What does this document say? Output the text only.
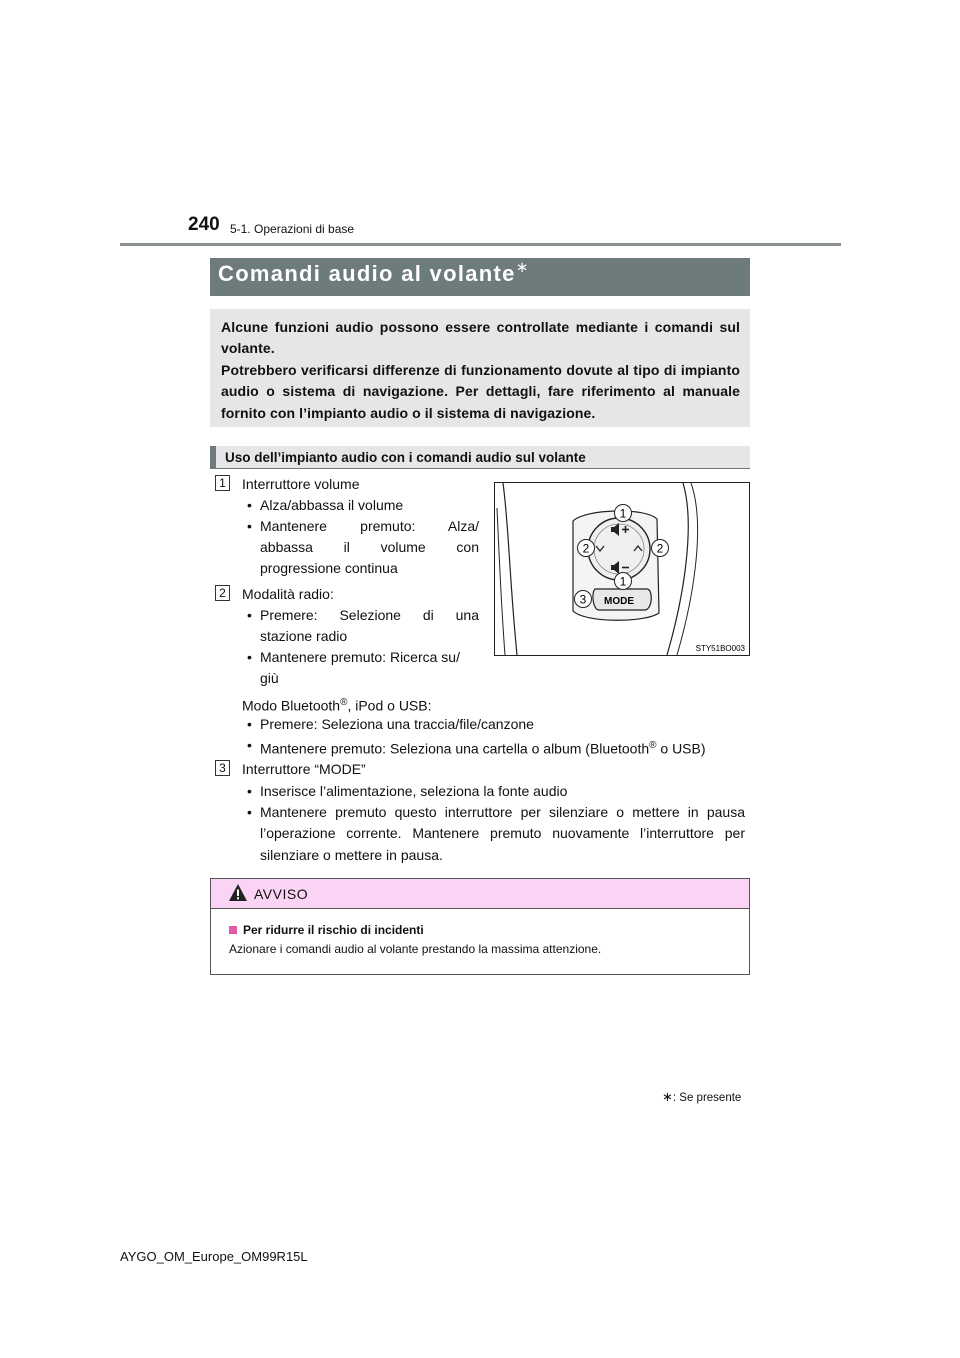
240 5-1. Operazioni di base
Comandi audio al volante∗

Alcune funzioni audio possono essere controllate mediante i comandi sul volante.

Potrebbero verificarsi differenze di funzionamento dovute al tipo di impianto audio o sistema di navigazione. Per dettagli, fare riferimento al manuale fornito con l’impianto audio o il sistema di navigazione.

Uso dell’impianto audio con i comandi audio sul volante
1 Interruttore volume
• Alza/abbassa il volume
• Mantenere premuto: Alza/
abbassa il volume con
progressione continua
2 Modalità radio:
• Premere: Selezione di una
stazione radio
• Mantenere premuto: Ricerca su/
giù
Modo Bluetooth®, iPod o USB:
• Premere: Seleziona una traccia/file/canzone
• Mantenere premuto: Seleziona una cartella o album (Bluetooth® o USB)
3 Interruttore “MODE”
• Inserisce l’alimentazione, seleziona la fonte audio
• Mantenere premuto questo interruttore per silenziare o mettere in pausa
l’operazione corrente. Mantenere premuto nuovamente l’interruttore per
silenziare o mettere in pausa.
MODE
1
2	2
1
3
STY51BO003
AVVISO
Per ridurre il rischio di incidenti
Azionare i comandi audio al volante prestando la massima attenzione.
∗: Se presente
AYGO_OM_Europe_OM99R15L
